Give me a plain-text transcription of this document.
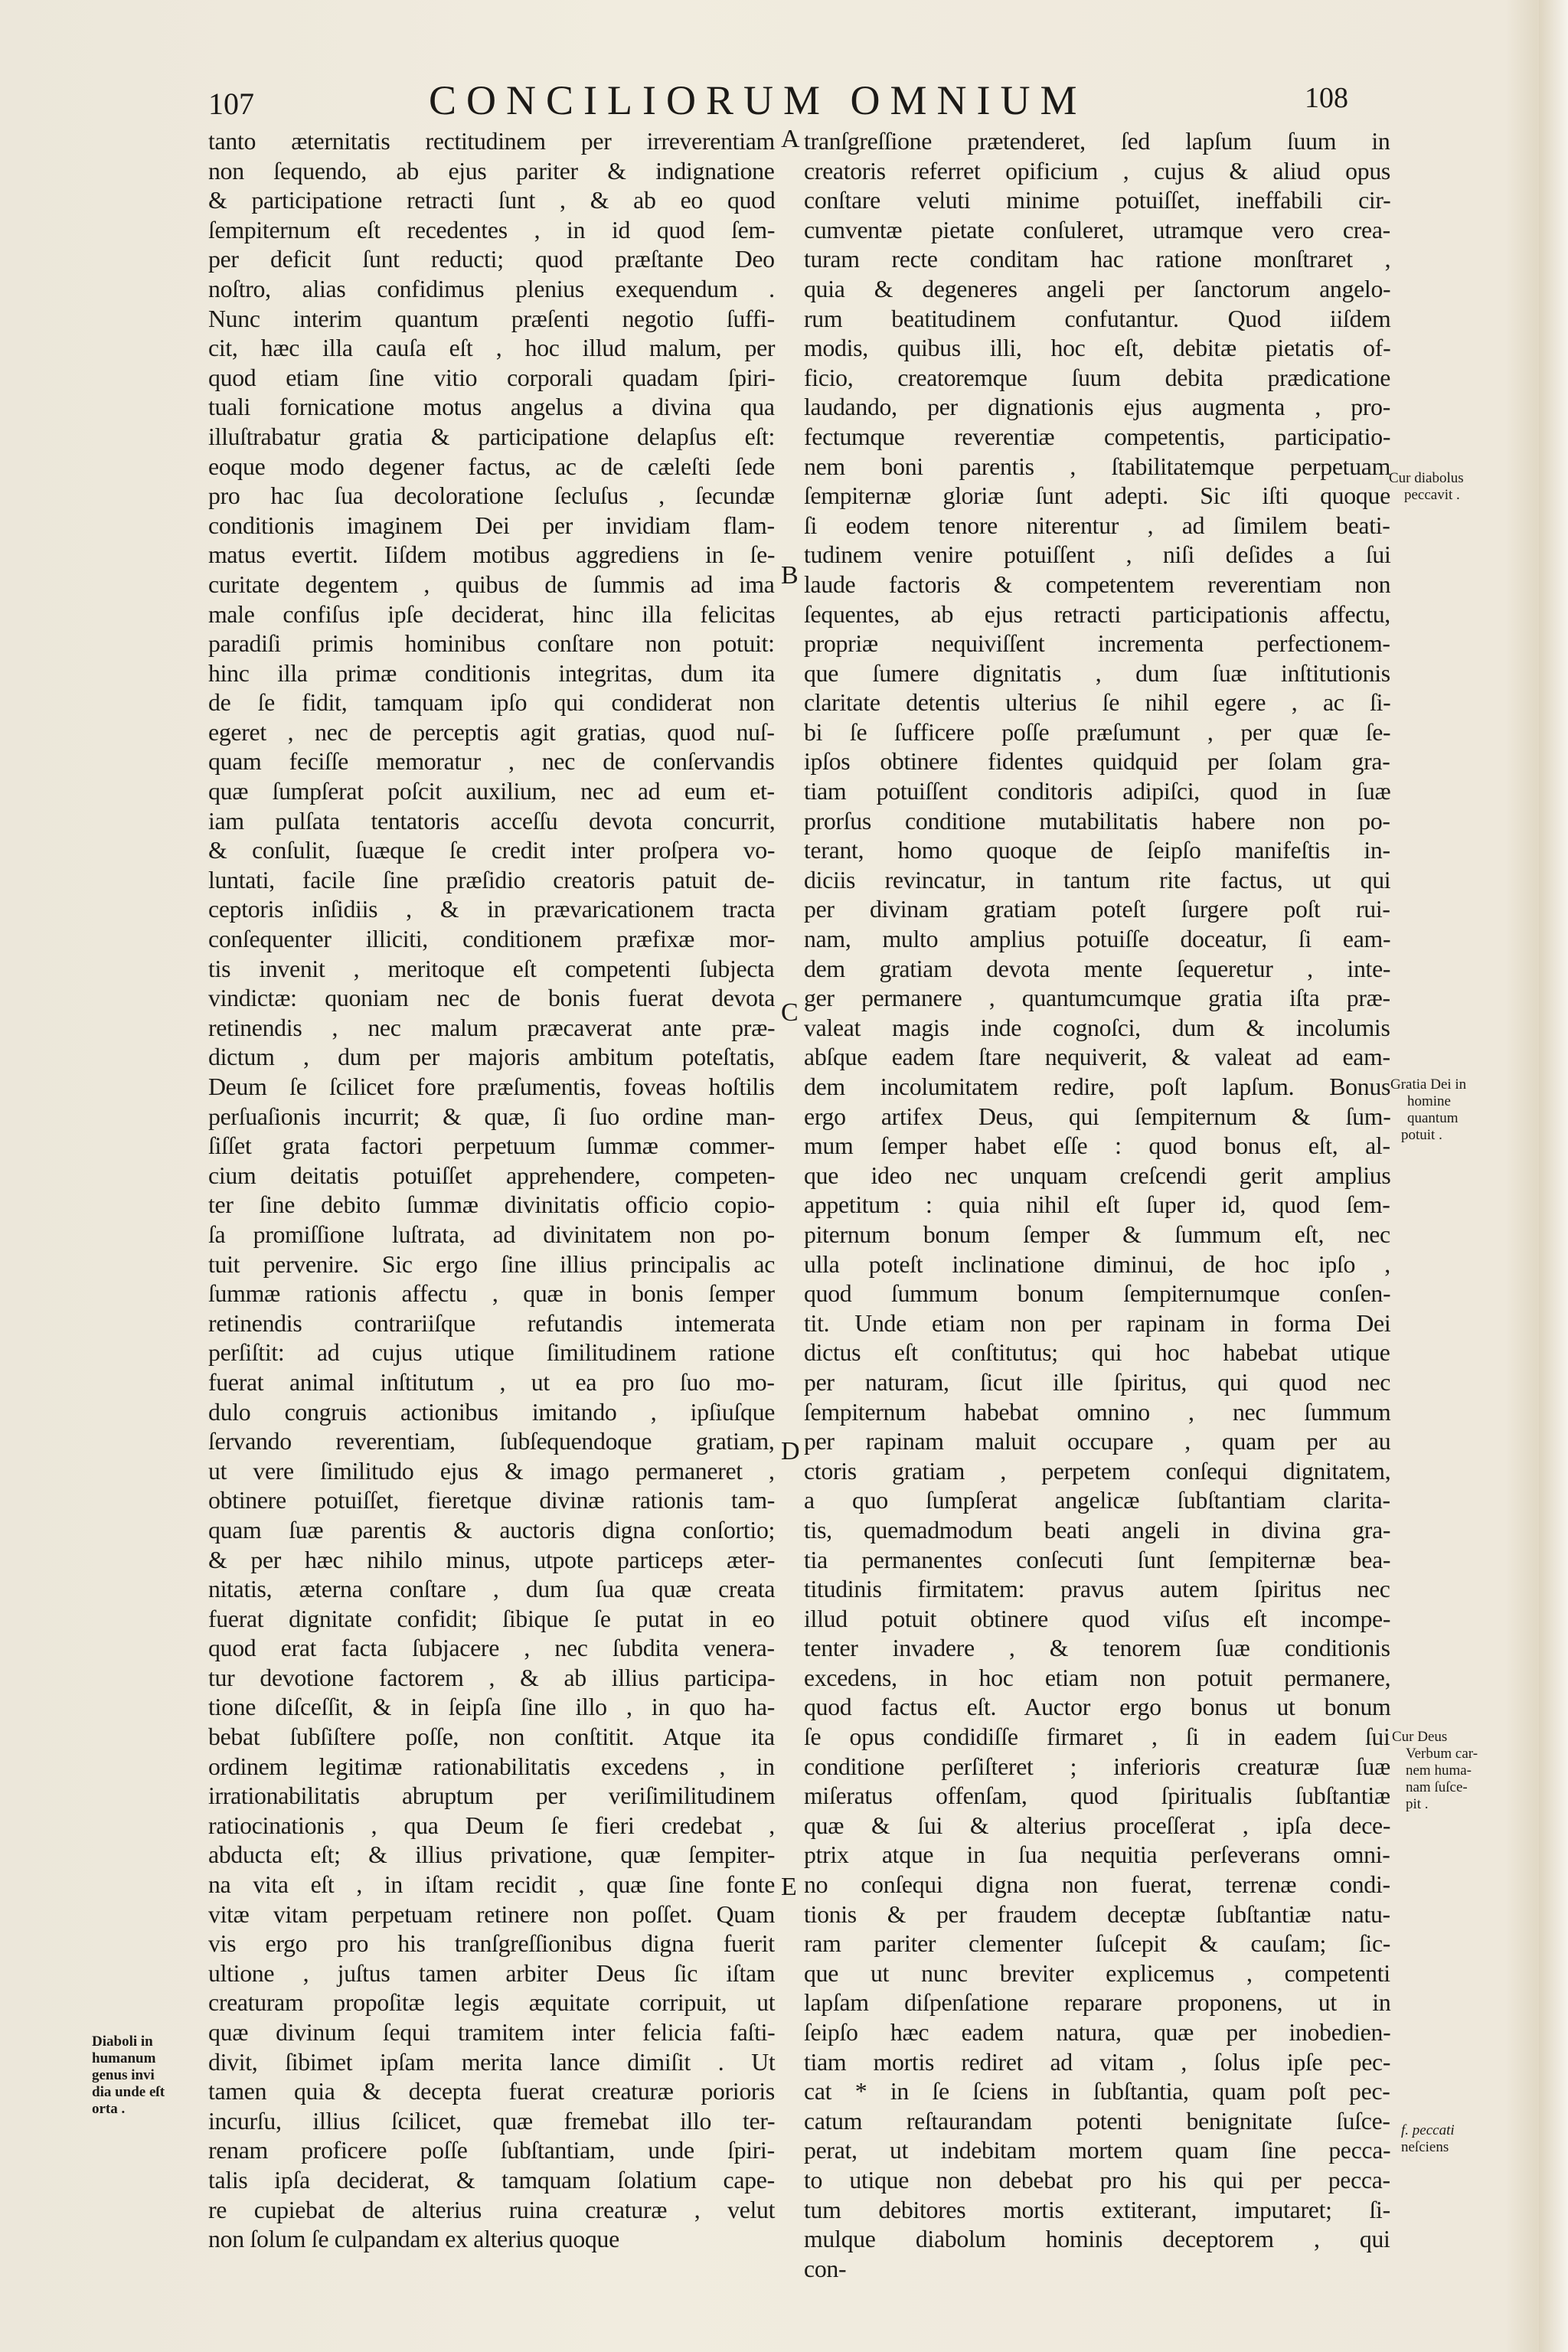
107	CONCILIORUM OMNIUM	108
tanto æternitatis rectitudinem per irreverentiam
non ſequendo, ab ejus pariter & indignatione
& participatione retracti ſunt , & ab eo quod
ſempiternum eſt recedentes , in id quod ſem-
per deficit ſunt reducti; quod præſtante Deo
noſtro, alias confidimus plenius exequendum .
Nunc interim quantum præſenti negotio ſuffi-
cit, hæc illa cauſa eſt , hoc illud malum, per
quod etiam ſine vitio corporali quadam ſpiri-
tuali fornicatione motus angelus a divina qua
illuſtrabatur gratia & participatione delapſus eſt:
eoque modo degener factus, ac de cæleſti ſede
pro hac ſua decoloratione ſecluſus , ſecundæ
conditionis imaginem Dei per invidiam flam-
matus evertit. Iiſdem motibus aggrediens in ſe-
curitate degentem , quibus de ſummis ad ima
male confiſus ipſe deciderat, hinc illa felicitas
paradiſi primis hominibus conſtare non potuit:
hinc illa primæ conditionis integritas, dum ita
de ſe fidit, tamquam ipſo qui condiderat non
egeret , nec de perceptis agit gratias, quod nuſ-
quam feciſſe memoratur , nec de conſervandis
quæ ſumpſerat poſcit auxilium, nec ad eum et-
iam pulſata tentatoris acceſſu devota concurrit,
& conſulit, ſuæque ſe credit inter proſpera vo-
luntati, facile ſine præſidio creatoris patuit de-
ceptoris inſidiis , & in prævaricationem tracta
conſequenter illiciti, conditionem præfixæ mor-
tis invenit , meritoque eſt competenti ſubjecta
vindictæ: quoniam nec de bonis fuerat devota
retinendis , nec malum præcaverat ante præ-
dictum , dum per majoris ambitum poteſtatis,
Deum ſe ſcilicet fore præſumentis, foveas hoſtilis
perſuaſionis incurrit; & quæ, ſi ſuo ordine man-
ſiſſet grata factori perpetuum ſummæ commer-
cium deitatis potuiſſet apprehendere, competen-
ter ſine debito ſummæ divinitatis officio copio-
ſa promiſſione luſtrata, ad divinitatem non po-
tuit pervenire. Sic ergo ſine illius principalis ac
ſummæ rationis affectu , quæ in bonis ſemper
retinendis contrariiſque refutandis intemerata
perſiſtit: ad cujus utique ſimilitudinem ratione
fuerat animal inſtitutum , ut ea pro ſuo mo-
dulo congruis actionibus imitando , ipſiuſque
ſervando reverentiam, ſubſequendoque gratiam,
ut vere ſimilitudo ejus & imago permaneret ,
obtinere potuiſſet, fieretque divinæ rationis tam-
quam ſuæ parentis & auctoris digna conſortio;
& per hæc nihilo minus, utpote particeps æter-
nitatis, æterna conſtare , dum ſua quæ creata
fuerat dignitate confidit; ſibique ſe putat in eo
quod erat facta ſubjacere , nec ſubdita venera-
tur devotione factorem , & ab illius participa-
tione diſceſſit, & in ſeipſa ſine illo , in quo ha-
bebat ſubſiſtere poſſe, non conſtitit. Atque ita
ordinem legitimæ rationabilitatis excedens , in
irrationabilitatis abruptum per veriſimilitudinem
ratiocinationis , qua Deum ſe fieri credebat ,
abducta eſt; & illius privatione, quæ ſempiter-
na vita eſt , in iſtam recidit , quæ ſine fonte
vitæ vitam perpetuam retinere non poſſet. Quam
vis ergo pro his tranſgreſſionibus digna fuerit
ultione , juſtus tamen arbiter Deus ſic iſtam
creaturam propoſitæ legis æquitate corripuit, ut
quæ divinum ſequi tramitem inter felicia faſti-
divit, ſibimet ipſam merita lance dimiſit . Ut
tamen quia & decepta fuerat creaturæ porioris
incurſu, illius ſcilicet, quæ fremebat illo ter-
renam proficere poſſe ſubſtantiam, unde ſpiri-
talis ipſa deciderat, & tamquam ſolatium cape-
re cupiebat de alterius ruina creaturæ , velut
non ſolum ſe culpandam ex alterius quoque
tranſgreſſione prætenderet, ſed lapſum ſuum in
creatoris referret opificium , cujus & aliud opus
conſtare veluti minime potuiſſet, ineffabili cir-
cumventæ pietate conſuleret, utramque vero crea-
turam recte conditam hac ratione monſtraret ,
quia & degeneres angeli per ſanctorum angelo-
rum beatitudinem confutantur. Quod iiſdem
modis, quibus illi, hoc eſt, debitæ pietatis of-
ficio, creatoremque ſuum debita prædicatione
laudando, per dignationis ejus augmenta , pro-
fectumque reverentiæ competentis, participatio-
nem boni parentis , ſtabilitatemque perpetuam
ſempiternæ gloriæ ſunt adepti. Sic iſti quoque
ſi eodem tenore niterentur , ad ſimilem beati-
tudinem venire potuiſſent , niſi deſides a ſui
laude factoris & competentem reverentiam non
ſequentes, ab ejus retracti participationis affectu,
propriæ nequiviſſent incrementa perfectionem-
que ſumere dignitatis , dum ſuæ inſtitutionis
claritate detentis ulterius ſe nihil egere , ac ſi-
bi ſe ſufficere poſſe præſumunt , per quæ ſe-
ipſos obtinere fidentes quidquid per ſolam gra-
tiam potuiſſent conditoris adipiſci, quod in ſuæ
prorſus conditione mutabilitatis habere non po-
terant, homo quoque de ſeipſo manifeſtis in-
diciis revincatur, in tantum rite factus, ut qui
per divinam gratiam poteſt ſurgere poſt rui-
nam, multo amplius potuiſſe doceatur, ſi eam-
dem gratiam devota mente ſequeretur , inte-
ger permanere , quantumcumque gratia iſta præ-
valeat magis inde cognoſci, dum & incolumis
abſque eadem ſtare nequiverit, & valeat ad eam-
dem incolumitatem redire, poſt lapſum. Bonus
ergo artifex Deus, qui ſempiternum & ſum-
mum ſemper habet eſſe : quod bonus eſt, al-
que ideo nec unquam creſcendi gerit amplius
appetitum : quia nihil eſt ſuper id, quod ſem-
piternum bonum ſemper & ſummum eſt, nec
ulla poteſt inclinatione diminui, de hoc ipſo ,
quod ſummum bonum ſempiternumque conſen-
tit. Unde etiam non per rapinam in forma Dei
dictus eſt conſtitutus; qui hoc habebat utique
per naturam, ſicut ille ſpiritus, qui quod nec
ſempiternum habebat omnino , nec ſummum
per rapinam maluit occupare , quam per au
ctoris gratiam , perpetem conſequi dignitatem,
a quo ſumpſerat angelicæ ſubſtantiam clarita-
tis, quemadmodum beati angeli in divina gra-
tia permanentes conſecuti ſunt ſempiternæ bea-
titudinis firmitatem: pravus autem ſpiritus nec
illud potuit obtinere quod viſus eſt incompe-
tenter invadere , & tenorem ſuæ conditionis
excedens, in hoc etiam non potuit permanere,
quod factus eſt. Auctor ergo bonus ut bonum
ſe opus condidiſſe firmaret , ſi in eadem ſui
conditione perſiſteret ; inferioris creaturæ ſuæ
miſeratus offenſam, quod ſpiritualis ſubſtantiæ
quæ & ſui & alterius proceſſerat , ipſa dece-
ptrix atque in ſua nequitia perſeverans omni-
no conſequi digna non fuerat, terrenæ condi-
tionis & per fraudem deceptæ ſubſtantiæ natu-
ram pariter clementer ſuſcepit & cauſam; ſic-
que ut nunc breviter explicemus , competenti
lapſam diſpenſatione reparare proponens, ut in
ſeipſo hæc eadem natura, quæ per inobedien-
tiam mortis rediret ad vitam , ſolus ipſe pec-
cat * in ſe ſciens in ſubſtantia, quam poſt pec-
catum reſtaurandam potenti benignitate ſuſce-
perat, ut indebitam mortem quam ſine pecca-
to utique non debebat pro his qui per pecca-
tum debitores mortis extiterant, imputaret; ſi-
mulque diabolum hominis deceptorem , qui
con-
A
B
C
D
E
Diaboli in
humanum
genus invi
dia unde eſt
orta .
Cur diabolus
peccavit .
Gratia Dei in
homine
quantum
potuit .
Cur Deus
Verbum car-
nem huma-
nam ſuſce-
pit .
f. peccati
neſciens
